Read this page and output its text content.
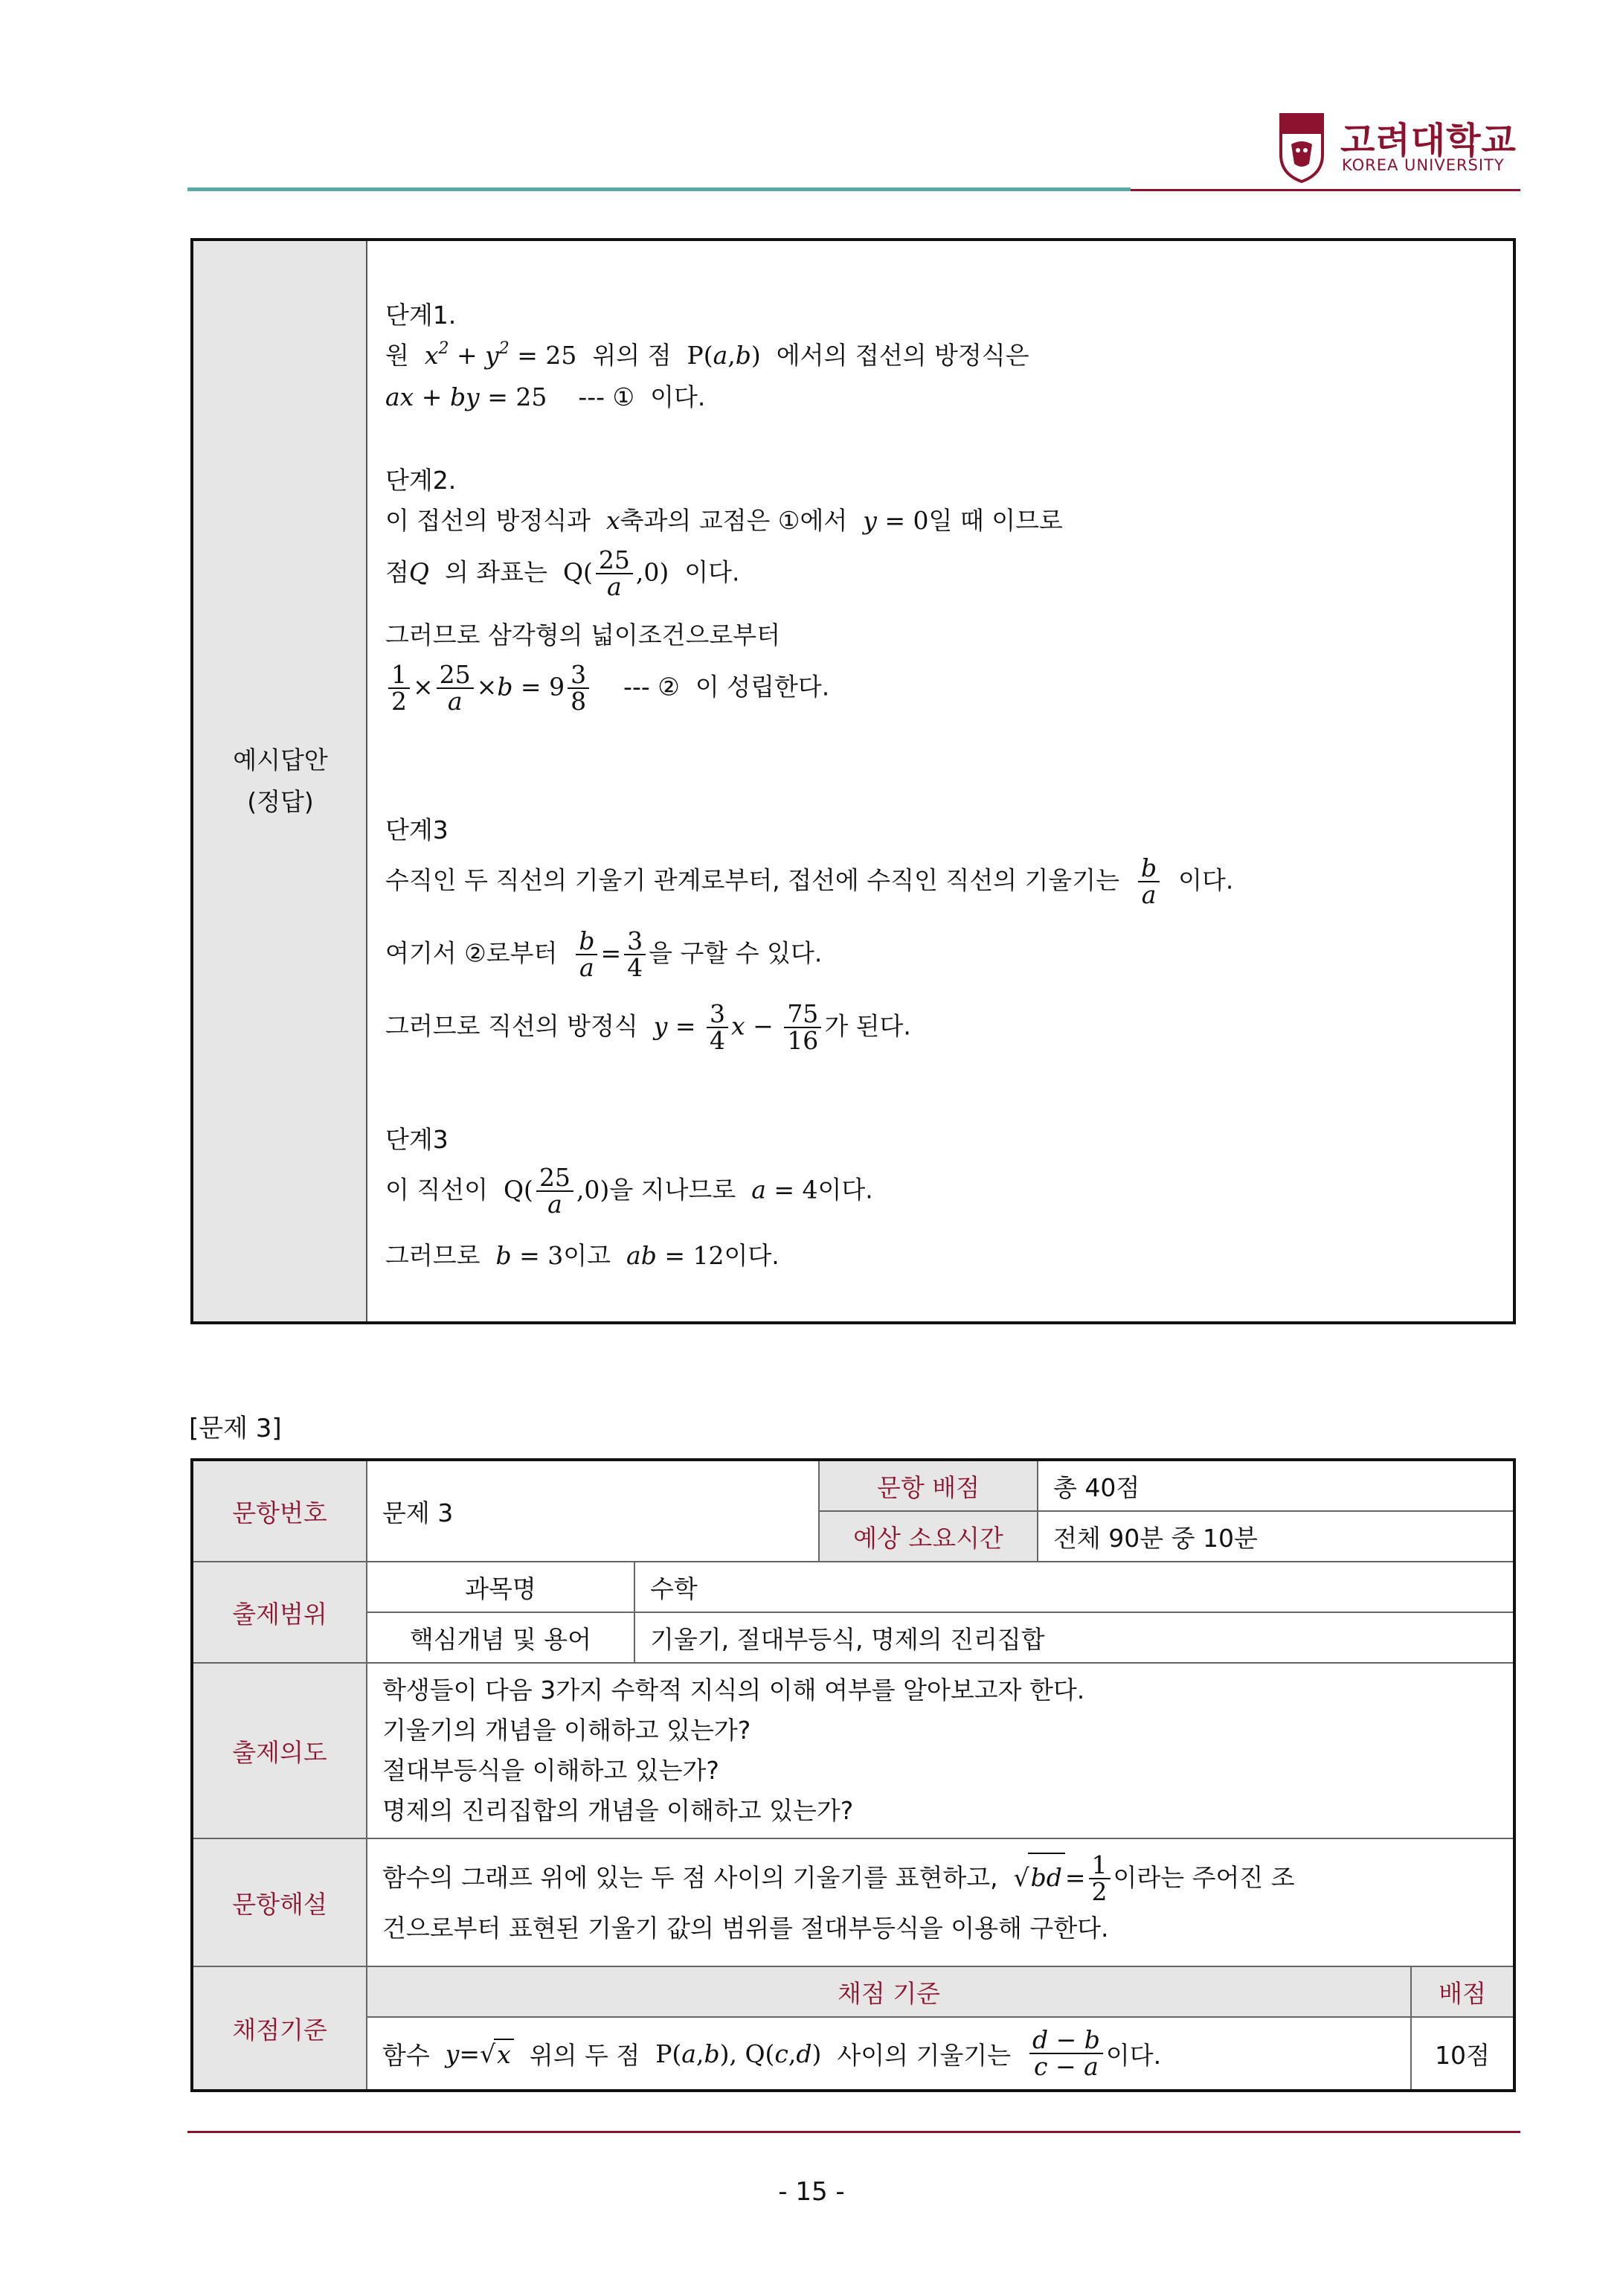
고려대학교
KOREA UNIVERSITY
예시답안
(정답)
단계1.
원 $x^2 + y^2 = 25$ 위의 점 P(a,b) 에서의 접선의 방정식은
ax + by = 25 --- ① 이다.
단계2.
이 접선의 방정식과 x축과의 교점은 ①에서 y = 0일 때 이므로
점Q 의 좌표는 $Q( \frac{25}{a} ,0)$ 이다.
그러므로 삼각형의 넓이조건으로부터
$\frac{1}{2} \times \frac{25}{a} \times b = 9 \frac{3}{8}$ --- ② 이 성립한다.
단계3
수직인 두 직선의 기울기 관계로부터, 접선에 수직인 직선의 기울기는 $\frac{b}{a}$ 이다.
여기서 ②로부터 $\frac{b}{a} = \frac{3}{4}$ 을 구할 수 있다.
그러므로 직선의 방정식 $y = \frac{3}{4}$ $x - \frac{75}{16}$ 가 된다.
단계3
이 직선이 $Q( \frac{25}{a} ,0)$을 지나므로 a = 4이다.
그러므로 b = 3이고 ab = 12이다.
[문제 3]
문항번호	문제 3
문항 배점	총 40점
예상 소요시간	전체 90분 중 10분
출제범위
과목명	수학
핵심개념 및 용어	기울기, 절대부등식, 명제의 진리집합
출제의도
학생들이 다음 3가지 수학적 지식의 이해 여부를 알아보고자 한다.
기울기의 개념을 이해하고 있는가?
절대부등식을 이해하고 있는가?
명제의 진리집합의 개념을 이해하고 있는가?
문항해설
함수의 그래프 위에 있는 두 점 사이의 기울기를 표현하고, $√bd = \frac{1}{2}$ 이라는 주어진 조
건으로부터 표현된 기울기 값의 범위를 절대부등식을 이용해 구한다.
채점기준
채점 기준	배점
함수
y = √ x
위의 두 점
P( a , b ), Q( c , d )
사이의 기울기는
$\frac{d - b}{c - a}$ 이다.	10점
- 15 -
